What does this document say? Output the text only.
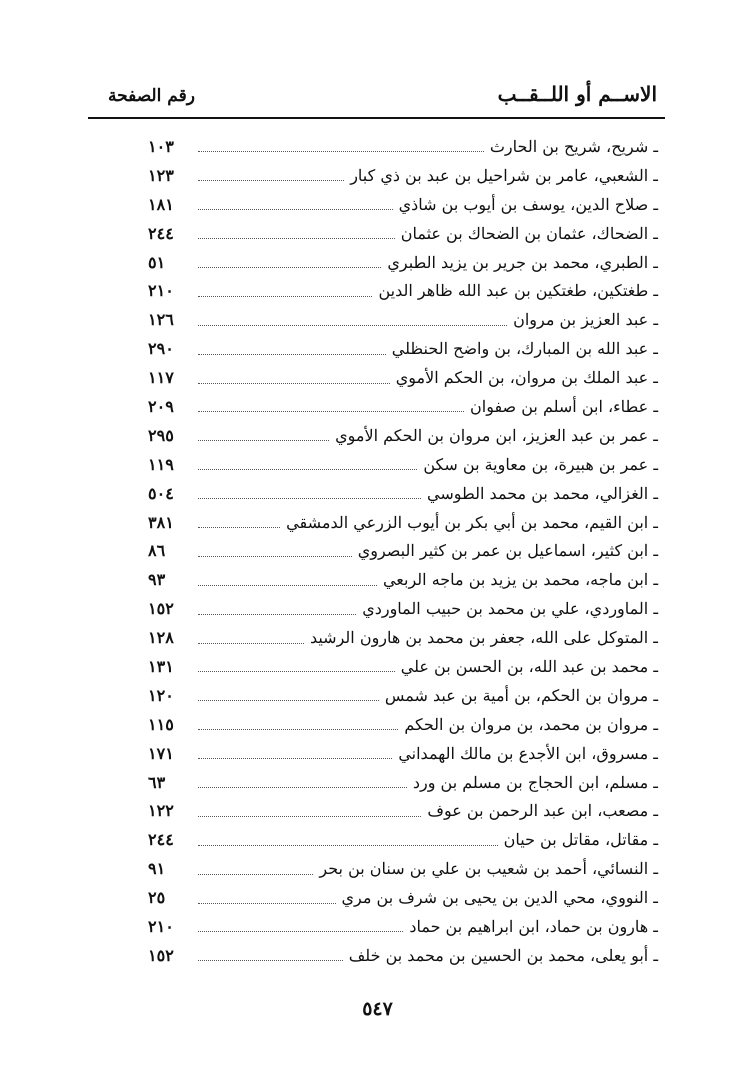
الاســم أو اللــقــب
رقم الصفحة
ـ شريح، شريح بن الحارث
١٠٣
ـ الشعبي، عامر بن شراحيل بن عبد بن ذي كبار
١٢٣
ـ صلاح الدين، يوسف بن أيوب بن شاذي
١٨١
ـ الضحاك، عثمان بن الضحاك بن عثمان
٢٤٤
ـ الطبري، محمد بن جرير بن يزيد الطبري
٥١
ـ طغتكين، طغتكين بن عبد الله ظاهر الدين
٢١٠
ـ عبد العزيز بن مروان
١٢٦
ـ عبد الله بن المبارك، بن واضح الحنظلي
٢٩٠
ـ عبد الملك بن مروان، بن الحكم الأموي
١١٧
ـ عطاء، ابن أسلم بن صفوان
٢٠٩
ـ عمر بن عبد العزيز، ابن مروان بن الحكم الأموي
٢٩٥
ـ عمر بن هبيرة، بن معاوية بن سكن
١١٩
ـ الغزالي، محمد بن محمد الطوسي
٥٠٤
ـ ابن القيم، محمد بن أبي بكر بن أيوب الزرعي الدمشقي
٣٨١
ـ ابن كثير، اسماعيل بن عمر بن كثير البصروي
٨٦
ـ ابن ماجه، محمد بن يزيد بن ماجه الربعي
٩٣
ـ الماوردي، علي بن محمد بن حبيب الماوردي
١٥٢
ـ المتوكل على الله، جعفر بن محمد بن هارون الرشيد
١٢٨
ـ محمد بن عبد الله، بن الحسن بن علي
١٣١
ـ مروان بن الحكم، بن أمية بن عبد شمس
١٢٠
ـ مروان بن محمد، بن مروان بن الحكم
١١٥
ـ مسروق، ابن الأجدع بن مالك الهمداني
١٧١
ـ مسلم، ابن الحجاج بن مسلم بن ورد
٦٣
ـ مصعب، ابن عبد الرحمن بن عوف
١٢٢
ـ مقاتل، مقاتل بن حيان
٢٤٤
ـ النسائي، أحمد بن شعيب بن علي بن سنان بن بحر
٩١
ـ النووي، محي الدين بن يحيى بن شرف بن مري
٢٥
ـ هارون بن حماد، ابن ابراهيم بن حماد
٢١٠
ـ أبو يعلى، محمد بن الحسين بن محمد بن خلف
١٥٢
٥٤٧
